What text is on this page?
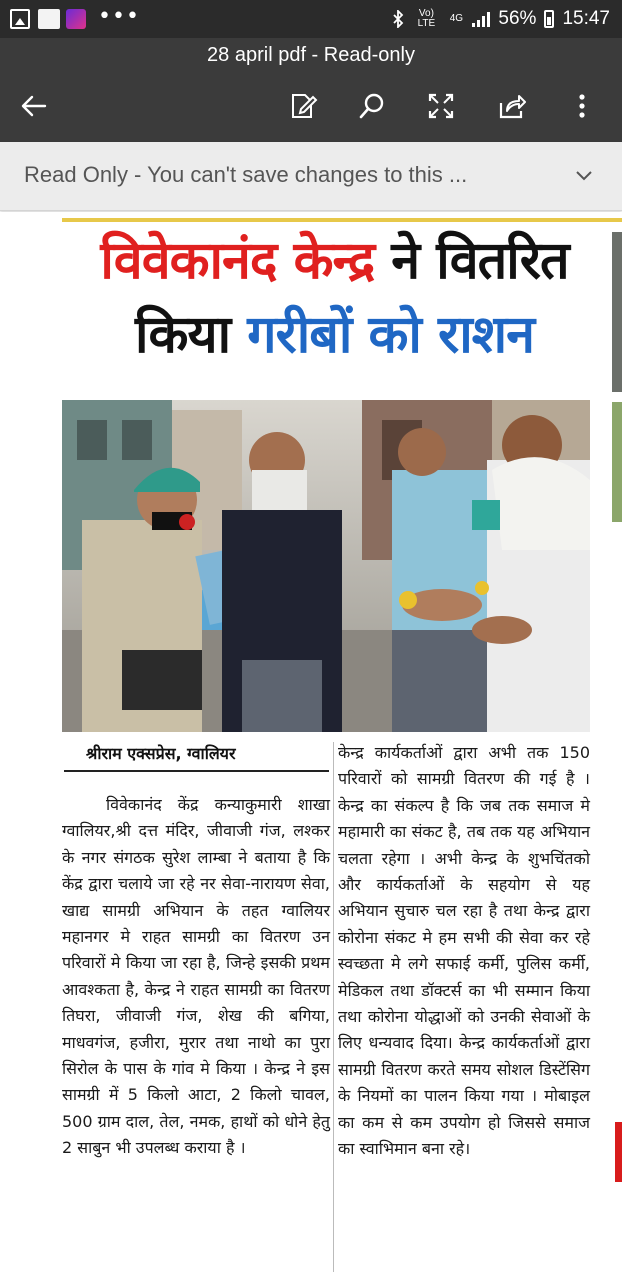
•••	Vo) LTE	4G 56% 15:47
28 april pdf - Read-only
Read Only - You can't save changes to this ...
विवेकानंद केन्द्र ने वितरित
किया गरीबों को राशन
श्रीराम एक्सप्रेस, ग्वालियर

विवेकानंद केंद्र कन्याकुमारी शाखा ग्वालियर,श्री दत्त मंदिर, जीवाजी गंज, लश्कर के नगर संगठक सुरेश लाम्बा ने बताया है कि केंद्र द्वारा चलाये जा रहे नर सेवा-नारायण सेवा, खाद्य सामग्री अभियान के तहत ग्वालियर महानगर मे राहत सामग्री का वितरण उन परिवारों मे किया जा रहा है, जिन्हे इसकी प्रथम आवश्कता है, केन्द्र ने राहत सामग्री का वितरण तिघरा, जीवाजी गंज, शेख की बगिया, माधवगंज, हजीरा, मुरार तथा नाथो का पुरा सिरोल के पास के गांव मे किया । केन्द्र ने इस सामग्री में 5 किलो आटा, 2 किलो चावल, 500 ग्राम दाल, तेल, नमक, हाथों को धोने हेतु 2 साबुन भी उपलब्ध कराया है ।

केन्द्र कार्यकर्ताओं द्वारा अभी तक 150 परिवारों को सामग्री वितरण की गई है । केन्द्र का संकल्प है कि जब तक समाज मे महामारी का संकट है, तब तक यह अभियान चलता रहेगा । अभी केन्द्र के शुभचिंतको और कार्यकर्ताओं के सहयोग से यह अभियान सुचारु चल रहा है तथा केन्द्र द्वारा कोरोना संकट मे हम सभी की सेवा कर रहे स्वच्छता मे लगे सफाई कर्मी, पुलिस कर्मी, मेडिकल तथा डॉक्टर्स का भी सम्मान किया तथा कोरोना योद्धाओं को उनकी सेवाओं के लिए धन्यवाद दिया। केन्द्र कार्यकर्ताओं द्वारा सामग्री वितरण करते समय सोशल डिस्टेंसिग के नियमों का पालन किया गया । मोबाइल का कम से कम उपयोग हो जिससे समाज का स्वाभिमान बना रहे।
